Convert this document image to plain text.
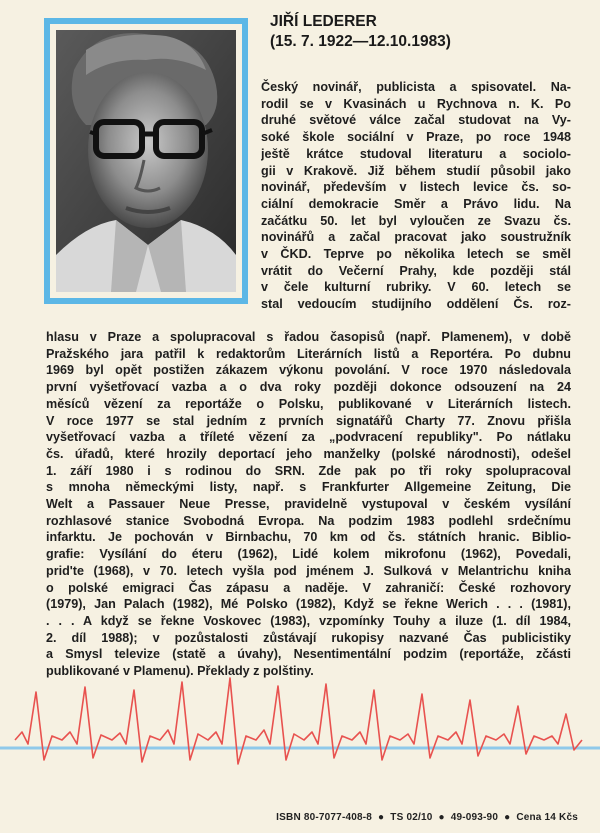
JIŘÍ LEDERER
(15. 7. 1922—12.10.1983)
Český novinář, publicista a spisovatel. Na-
rodil se v Kvasinách u Rychnova n. K. Po
druhé světové válce začal studovat na Vy-
soké škole sociální v Praze, po roce 1948
ještě krátce studoval literaturu a sociolo-
gii v Krakově. Již během studií působil jako
novinář, především v listech levice čs. so-
ciální demokracie Směr a Právo lidu. Na
začátku 50. let byl vyloučen ze Svazu čs.
novinářů a začal pracovat jako soustružník
v ČKD. Teprve po několika letech se směl
vrátit do Večerní Prahy, kde později stál
v čele kulturní rubriky. V 60. letech se
stal vedoucím studijního oddělení Čs. roz-
hlasu v Praze a spolupracoval s řadou časopisů (např. Plamenem), v době
Pražského jara patřil k redaktorům Literárních listů a Reportéra. Po dubnu
1969 byl opět postižen zákazem výkonu povolání. V roce 1970 následovala
první vyšetřovací vazba a o dva roky později dokonce odsouzení na 24
měsíců vězení za reportáže o Polsku, publikované v Literárních listech.
V roce 1977 se stal jedním z prvních signatářů Charty 77. Znovu přišla
vyšetřovací vazba a tříleté vězení za „podvracení republiky". Po nátlaku
čs. úřadů, které hrozily deportací jeho manželky (polské národnosti), odešel
1. září 1980 i s rodinou do SRN. Zde pak po tři roky spolupracoval
s mnoha německými listy, např. s Frankfurter Allgemeine Zeitung, Die
Welt a Passauer Neue Presse, pravidelně vystupoval v českém vysílání
rozhlasové stanice Svobodná Evropa. Na podzim 1983 podlehl srdečnímu
infarktu. Je pochován v Birnbachu, 70 km od čs. státních hranic. Biblio-
grafie: Vysílání do éteru (1962), Lidé kolem mikrofonu (1962), Povedali,
prid'te (1968), v 70. letech vyšla pod jménem J. Sulková v Melantrichu kniha
o polské emigraci Čas zápasu a naděje. V zahraničí: České rozhovory
(1979), Jan Palach (1982), Mé Polsko (1982), Když se řekne Werich . . . (1981),
. . . A když se řekne Voskovec (1983), vzpomínky Touhy a iluze (1. díl 1984,
2. díl 1988); v pozůstalosti zůstávají rukopisy nazvané Čas publicistiky
a Smysl televize (statě a úvahy), Nesentimentální podzim (reportáže, zčásti
publikované v Plamenu). Překlady z polštiny.
ISBN 80-7077-408-8 ● TS 02/10 ● 49-093-90 ● Cena 14 Kčs
